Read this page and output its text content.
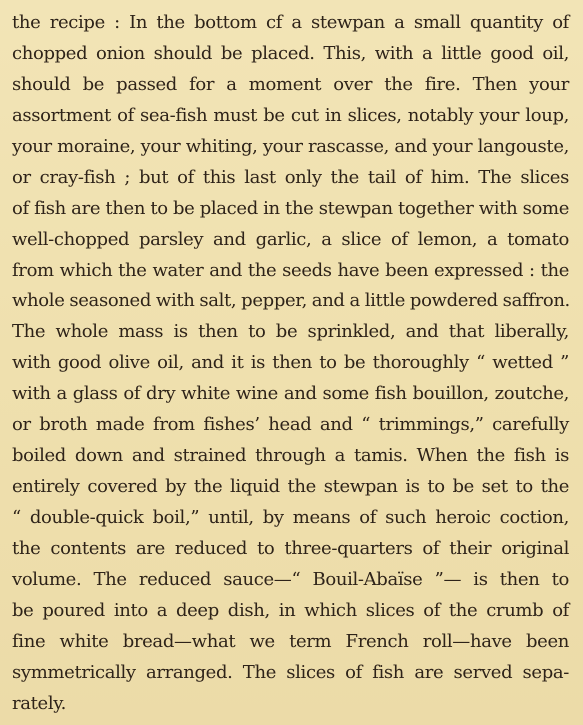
the recipe : In the bottom cf a stewpan a small quantity of
chopped onion should be placed. This, with a little good oil,
should be passed for a moment over the fire. Then your
assortment of sea-fish must be cut in slices, notably your loup,
your moraine, your whiting, your rascasse, and your langouste,
or cray-fish ; but of this last only the tail of him. The slices
of fish are then to be placed in the stewpan together with some
well-chopped parsley and garlic, a slice of lemon, a tomato
from which the water and the seeds have been expressed : the
whole seasoned with salt, pepper, and a little powdered saffron.
The whole mass is then to be sprinkled, and that liberally,
with good olive oil, and it is then to be thoroughly “ wetted ”
with a glass of dry white wine and some fish bouillon, zoutche,
or broth made from fishes’ head and “ trimmings,” carefully
boiled down and strained through a tamis. When the fish is
entirely covered by the liquid the stewpan is to be set to the
“ double-quick boil,” until, by means of such heroic coction,
the contents are reduced to three-quarters of their original
volume. The reduced sauce—“ Bouil-Abaïse ”— is then to
be poured into a deep dish, in which slices of the crumb of
fine white bread—what we term French roll—have been
symmetrically arranged. The slices of fish are served sepa-
rately.
